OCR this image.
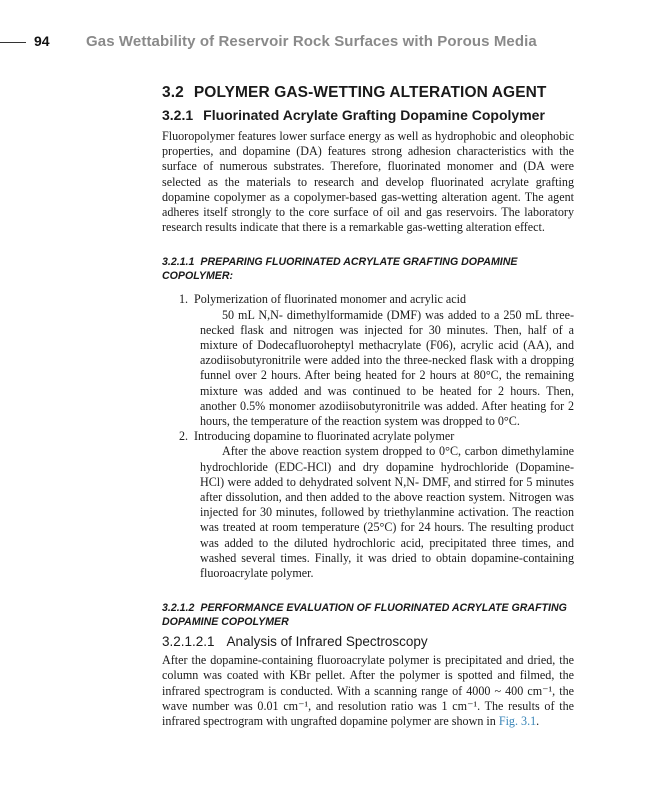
94 Gas Wettability of Reservoir Rock Surfaces with Porous Media
3.2 POLYMER GAS-WETTING ALTERATION AGENT
3.2.1 Fluorinated Acrylate Grafting Dopamine Copolymer

Fluoropolymer features lower surface energy as well as hydrophobic and oleophobic properties, and dopamine (DA) features strong adhesion characteristics with the surface of numerous substrates. Therefore, fluorinated monomer and (DA were selected as the materials to research and develop fluorinated acrylate grafting dopamine copolymer as a copolymer-based gas-wetting alteration agent. The agent adheres itself strongly to the core surface of oil and gas reservoirs. The laboratory research results indicate that there is a remarkable gas-wetting alteration effect.

3.2.1.1 PREPARING FLUORINATED ACRYLATE GRAFTING DOPAMINE COPOLYMER:
1. Polymerization of fluorinated monomer and acrylic acid

50 mL N,N- dimethylformamide (DMF) was added to a 250 mL three-necked flask and nitrogen was injected for 30 minutes. Then, half of a mixture of Dodecafluoroheptyl methacrylate (F06), acrylic acid (AA), and azodiisobutyronitrile were added into the three-necked flask with a dropping funnel over 2 hours. After being heated for 2 hours at 80°C, the remaining mixture was added and was continued to be heated for 2 hours. Then, another 0.5% monomer azodiisobutyronitrile was added. After heating for 2 hours, the temperature of the reaction system was dropped to 0°C.

2. Introducing dopamine to fluorinated acrylate polymer

After the above reaction system dropped to 0°C, carbon dimethylamine hydrochloride (EDC-HCl) and dry dopamine hydrochloride (Dopamine-HCl) were added to dehydrated solvent N,N- DMF, and stirred for 5 minutes after dissolution, and then added to the above reaction system. Nitrogen was injected for 30 minutes, followed by triethylanmine activation. The reaction was treated at room temperature (25°C) for 24 hours. The resulting product was added to the diluted hydrochloric acid, precipitated three times, and washed several times. Finally, it was dried to obtain dopamine-containing fluoroacrylate polymer.

3.2.1.2 PERFORMANCE EVALUATION OF FLUORINATED ACRYLATE GRAFTING DOPAMINE COPOLYMER
3.2.1.2.1 Analysis of Infrared Spectroscopy

After the dopamine-containing fluoroacrylate polymer is precipitated and dried, the column was coated with KBr pellet. After the polymer is spotted and filmed, the infrared spectrogram is conducted. With a scanning range of 4000 ~ 400 cm⁻¹, the wave number was 0.01 cm⁻¹, and resolution ratio was 1 cm⁻¹. The results of the infrared spectrogram with ungrafted dopamine polymer are shown in Fig. 3.1.
